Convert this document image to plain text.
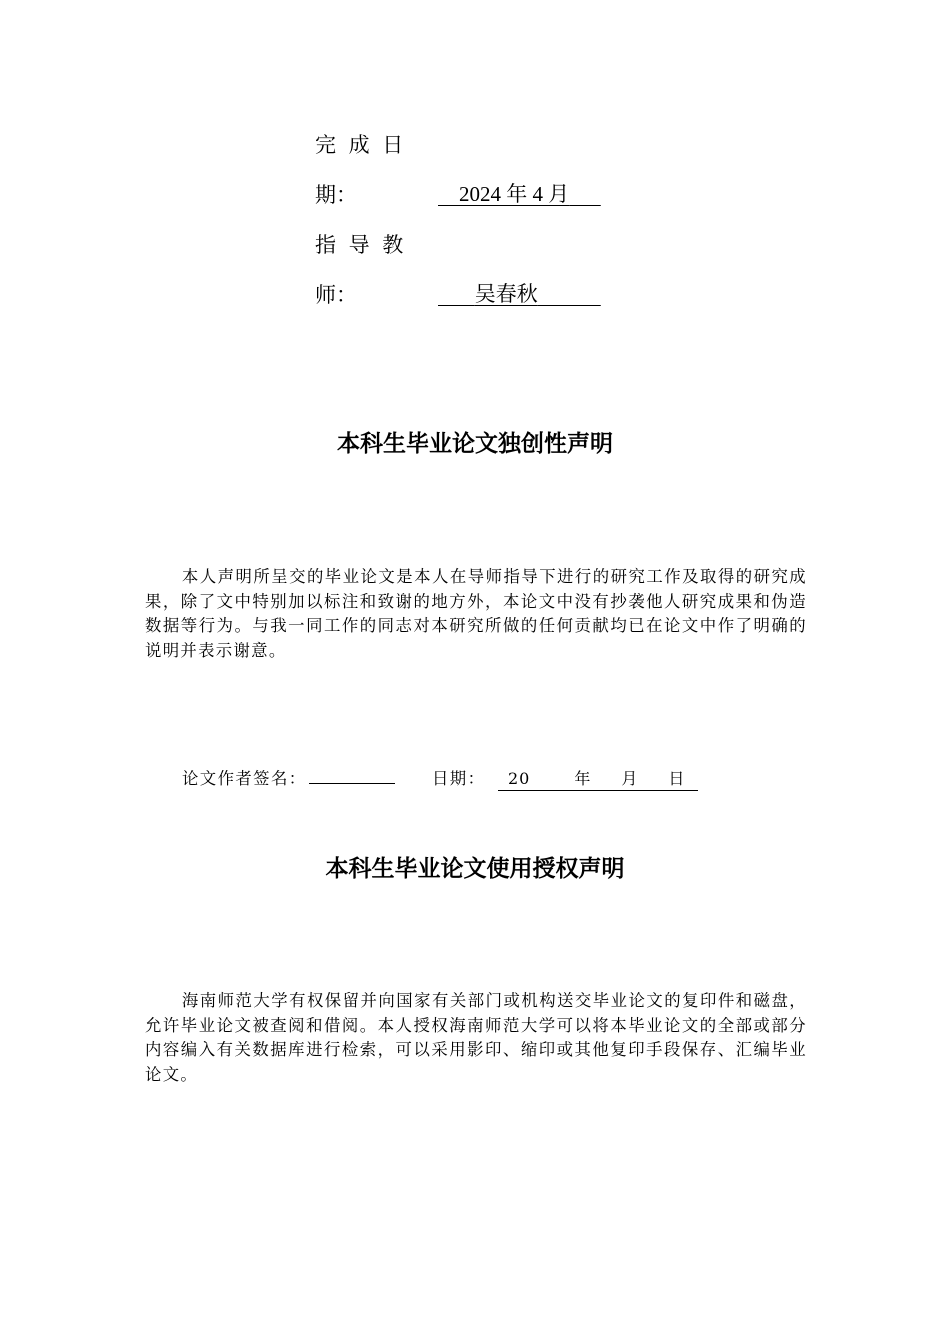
完成日
期：	2024 年 4 月
指导教
师：	吴春秋
本科生毕业论文独创性声明
本人声明所呈交的毕业论文是本人在导师指导下进行的研究工作及取得的研究成果，除了文中特别加以标注和致谢的地方外，本论文中没有抄袭他人研究成果和伪造数据等行为。与我一同工作的同志对本研究所做的任何贡献均已在论文中作了明确的说明并表示谢意。
论文作者签名：	日期：	20	年 月 日
本科生毕业论文使用授权声明
海南师范大学有权保留并向国家有关部门或机构送交毕业论文的复印件和磁盘，允许毕业论文被查阅和借阅。本人授权海南师范大学可以将本毕业论文的全部或部分内容编入有关数据库进行检索，可以采用影印、缩印或其他复印手段保存、汇编毕业论文。
